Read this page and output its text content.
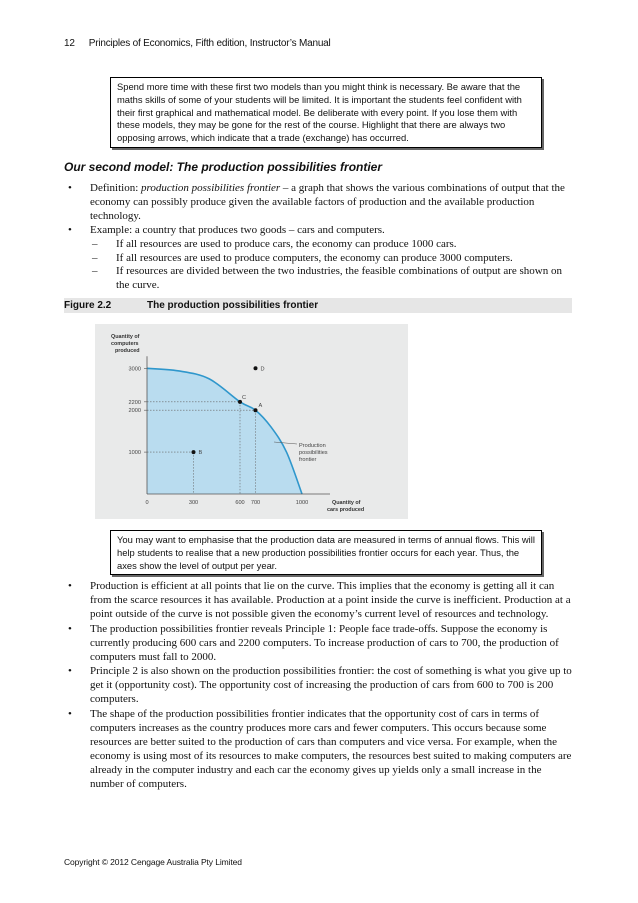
12 Principles of Economics, Fifth edition, Instructor’s Manual
Spend more time with these first two models than you might think is necessary. Be aware that the maths skills of some of your students will be limited. It is important the students feel confident with their first graphical and mathematical model. Be deliberate with every point. If you lose them with these models, they may be gone for the rest of the course. Highlight that there are always two opposing arrows, which indicate that a trade (exchange) has occurred.
Our second model: The production possibilities frontier
• Definition: production possibilities frontier – a graph that shows the various combinations of output that the economy can possibly produce given the available factors of production and the available production technology.
• Example: a country that produces two goods – cars and computers.
– If all resources are used to produce cars, the economy can produce 1000 cars.
– If all resources are used to produce computers, the economy can produce 3000 computers.
– If resources are divided between the two industries, the feasible combinations of output are shown on the curve.
Figure 2.2	The production possibilities frontier
0	300	600 700	1000
1000
2000
2200
3000
A
B
C
D
Quantity of
computers
produced
Quantity of
cars produced
Production
possibilities
frontier
You may want to emphasise that the production data are measured in terms of annual flows. This will help students to realise that a new production possibilities frontier occurs for each year. Thus, the axes show the level of output per year.
• Production is efficient at all points that lie on the curve. This implies that the economy is getting all it can from the scarce resources it has available. Production at a point inside the curve is inefficient. Production at a point outside of the curve is not possible given the economy’s current level of resources and technology.
• The production possibilities frontier reveals Principle 1: People face trade-offs. Suppose the economy is currently producing 600 cars and 2200 computers. To increase production of cars to 700, the production of computers must fall to 2000.
• Principle 2 is also shown on the production possibilities frontier: the cost of something is what you give up to get it (opportunity cost). The opportunity cost of increasing the production of cars from 600 to 700 is 200 computers.
• The shape of the production possibilities frontier indicates that the opportunity cost of cars in terms of computers increases as the country produces more cars and fewer computers. This occurs because some resources are better suited to the production of cars than computers and vice versa. For example, when the economy is using most of its resources to make computers, the resources best suited to making computers are already in the computer industry and each car the economy gives up yields only a small increase in the number of computers.
Copyright © 2012 Cengage Australia Pty Limited
